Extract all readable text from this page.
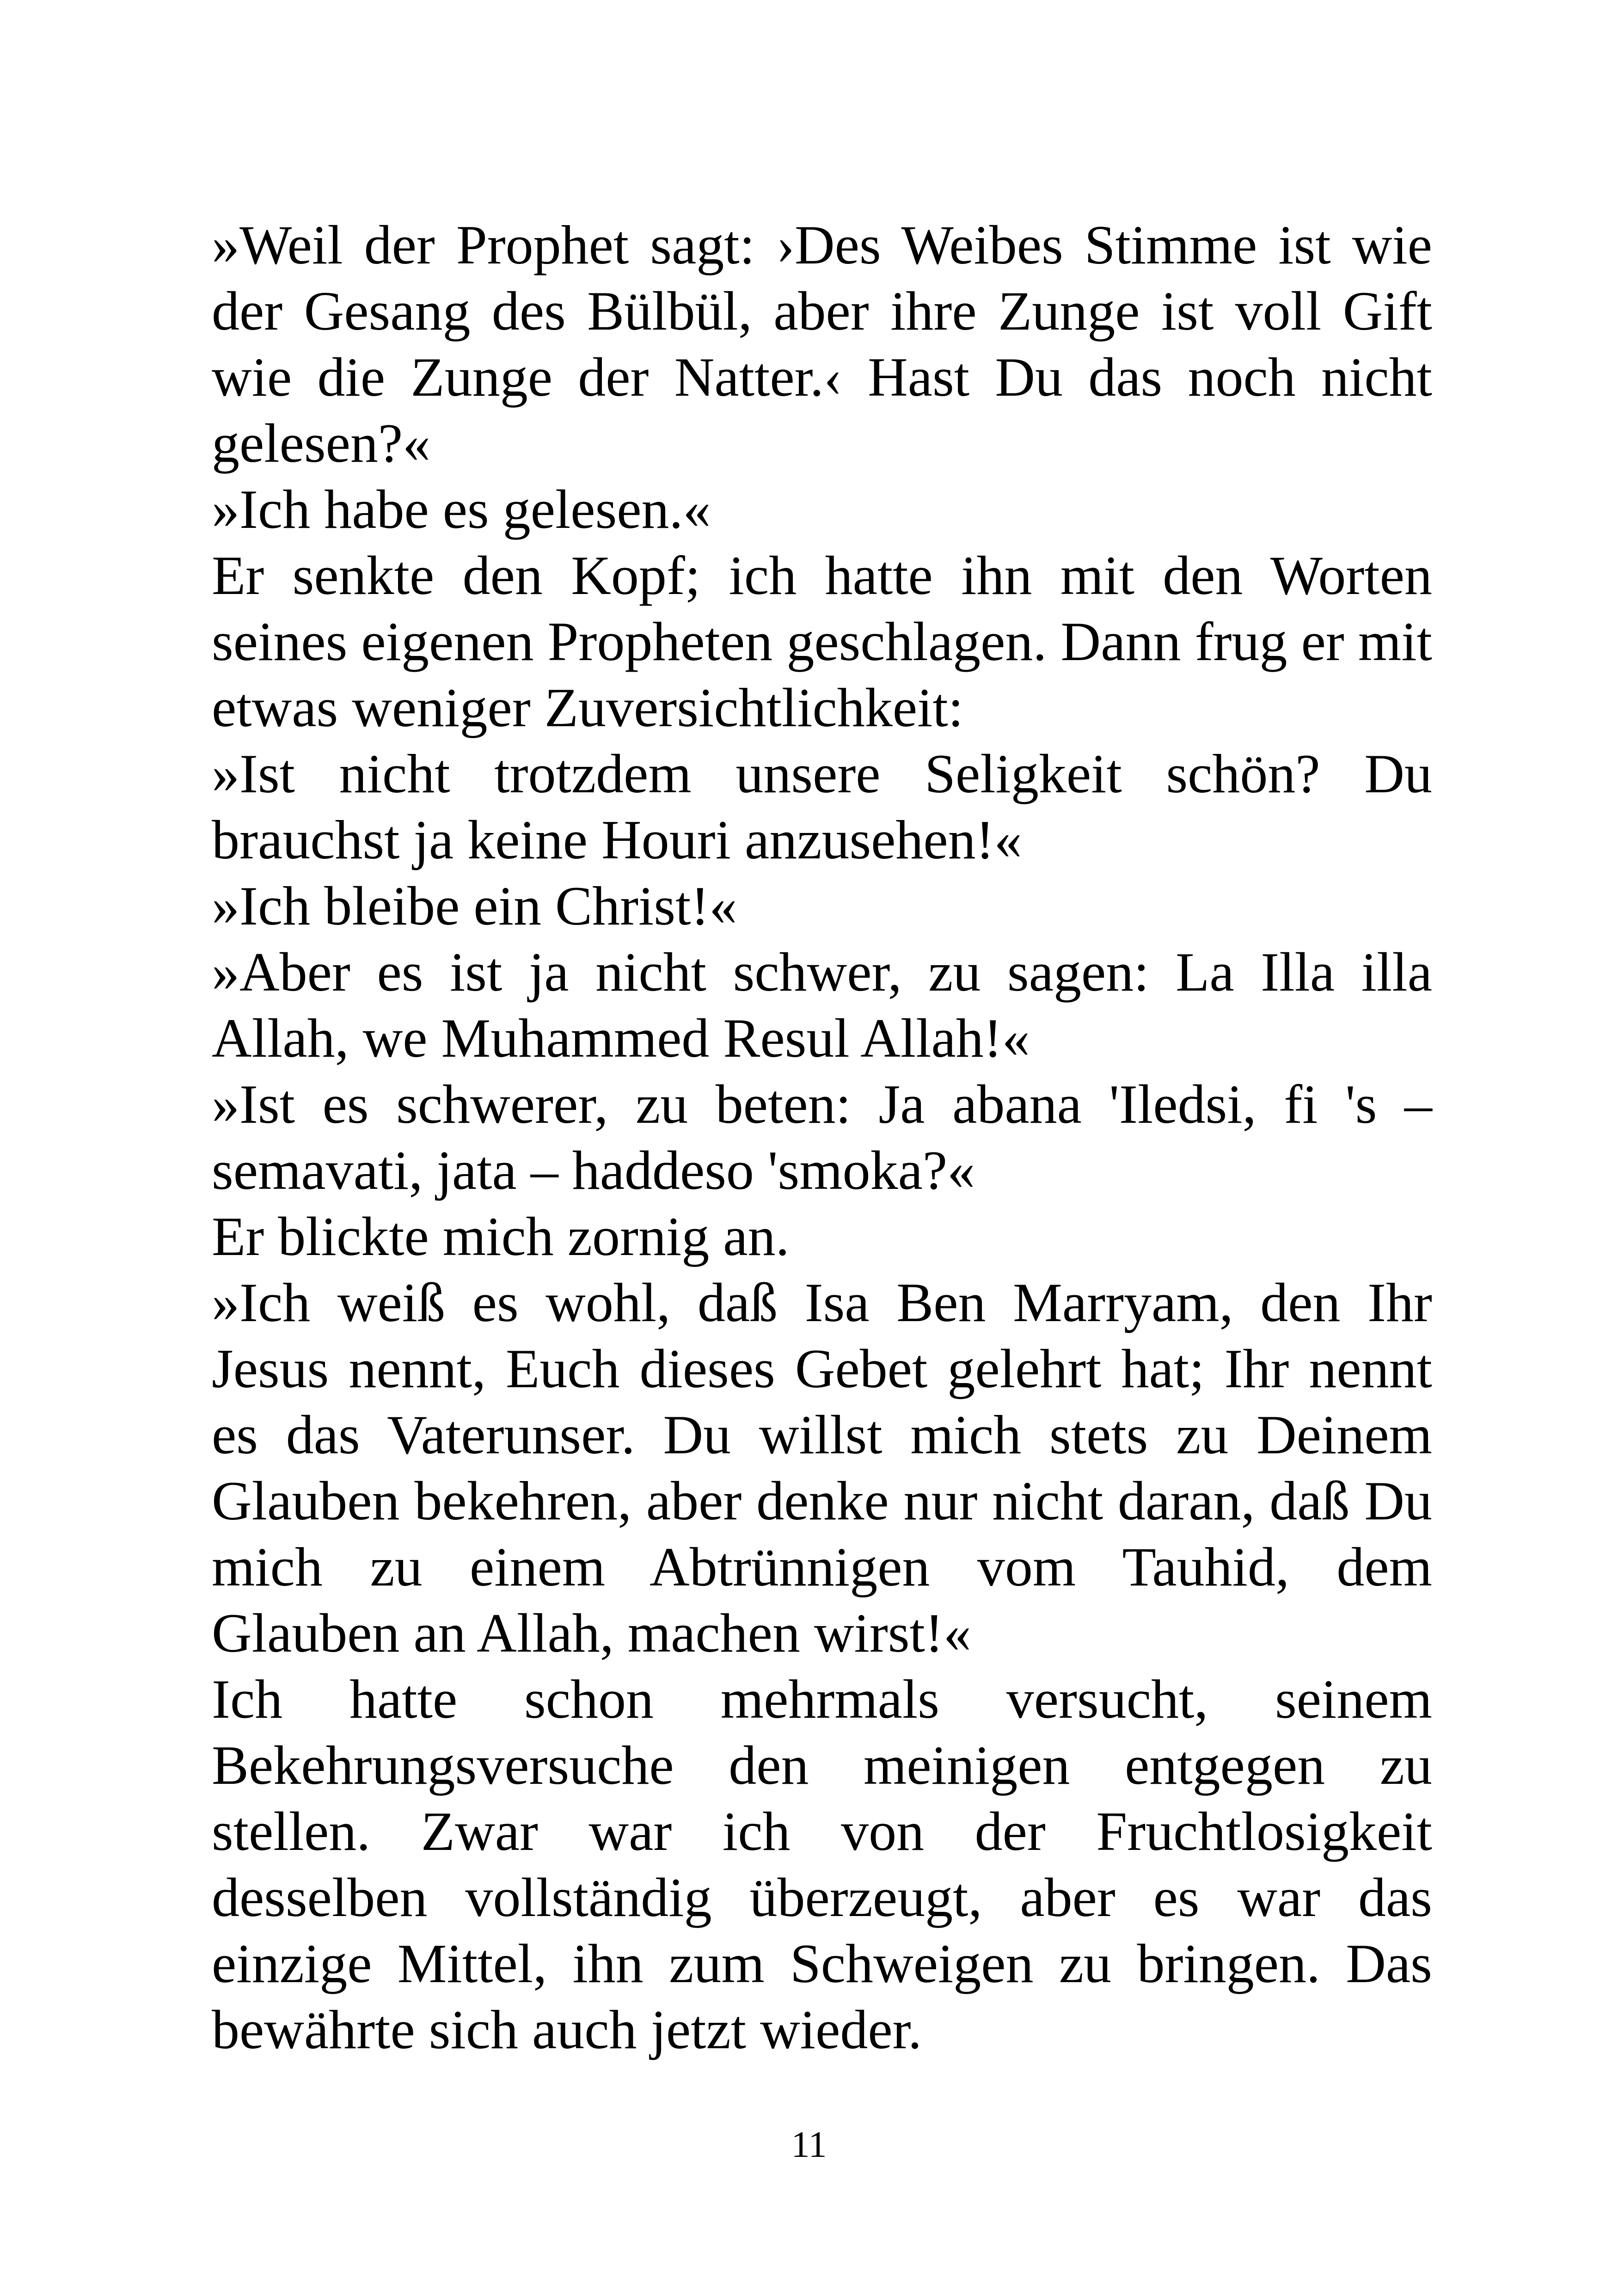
»Weil der Prophet sagt: ›Des Weibes Stimme ist wie der Gesang des Bülbül, aber ihre Zunge ist voll Gift wie die Zunge der Natter.‹ Hast Du das noch nicht gelesen?«

»Ich habe es gelesen.«

Er senkte den Kopf; ich hatte ihn mit den Worten seines eigenen Propheten geschlagen. Dann frug er mit etwas weniger Zuversichtlichkeit:

»Ist nicht trotzdem unsere Seligkeit schön? Du brauchst ja keine Houri anzusehen!«

»Ich bleibe ein Christ!«

»Aber es ist ja nicht schwer, zu sagen: La Illa illa Allah, we Muhammed Resul Allah!«

»Ist es schwerer, zu beten: Ja abana 'Iledsi, fi 's – semavati, jata – haddeso 'smoka?«

Er blickte mich zornig an.

»Ich weiß es wohl, daß Isa Ben Marryam, den Ihr Jesus nennt, Euch dieses Gebet gelehrt hat; Ihr nennt es das Vaterunser. Du willst mich stets zu Deinem Glauben bekehren, aber denke nur nicht daran, daß Du mich zu einem Abtrünnigen vom Tauhid, dem Glauben an Allah, machen wirst!«

Ich hatte schon mehrmals versucht, seinem Bekehrungsversuche den meinigen entgegen zu stellen. Zwar war ich von der Fruchtlosigkeit desselben vollständig überzeugt, aber es war das einzige Mittel, ihn zum Schweigen zu bringen. Das bewährte sich auch jetzt wieder.

11
